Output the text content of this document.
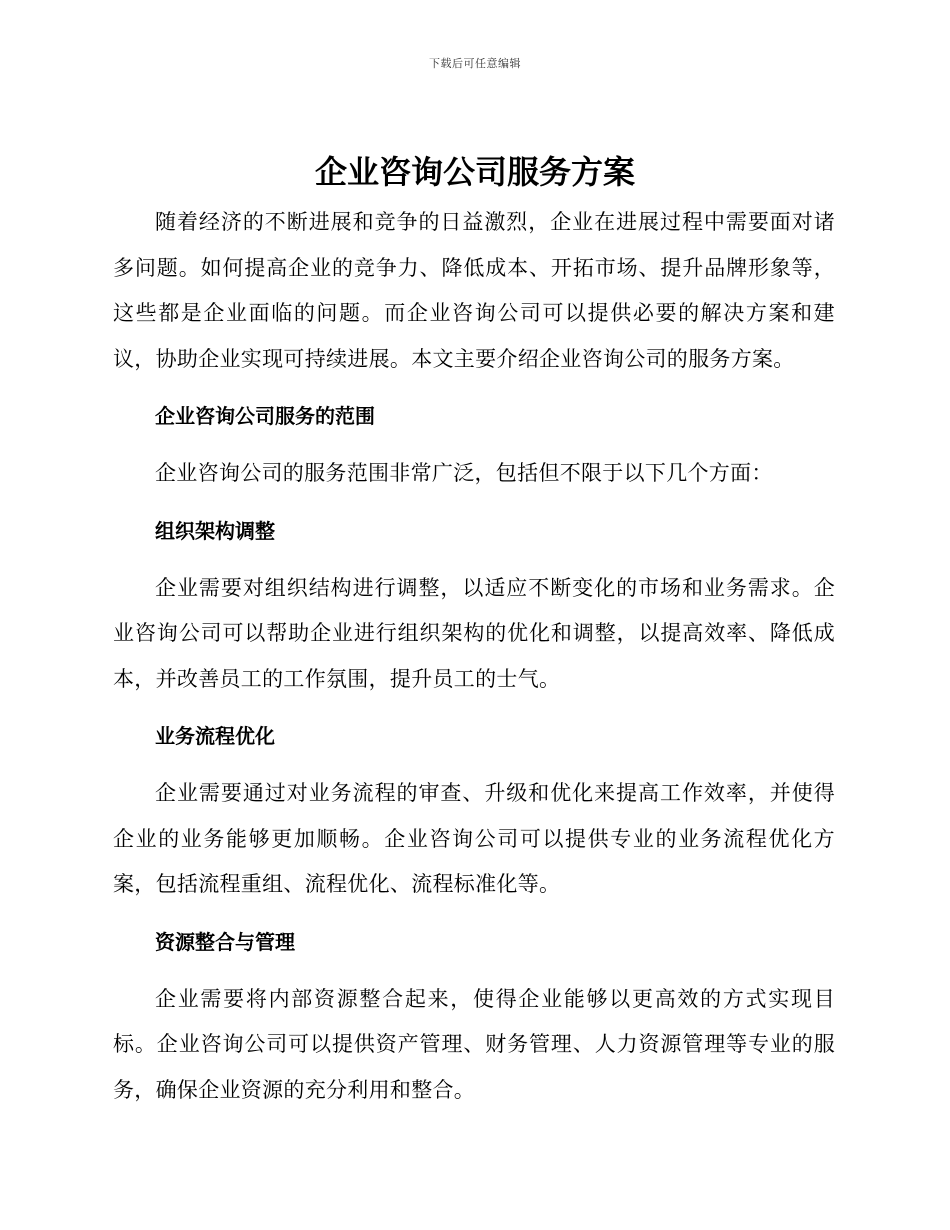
下载后可任意编辑
企业咨询公司服务方案

随着经济的不断进展和竞争的日益激烈，企业在进展过程中需要面对诸多问题。如何提高企业的竞争力、降低成本、开拓市场、提升品牌形象等，这些都是企业面临的问题。而企业咨询公司可以提供必要的解决方案和建议，协助企业实现可持续进展。本文主要介绍企业咨询公司的服务方案。

企业咨询公司服务的范围

企业咨询公司的服务范围非常广泛，包括但不限于以下几个方面：

组织架构调整

企业需要对组织结构进行调整，以适应不断变化的市场和业务需求。企业咨询公司可以帮助企业进行组织架构的优化和调整，以提高效率、降低成本，并改善员工的工作氛围，提升员工的士气。

业务流程优化

企业需要通过对业务流程的审查、升级和优化来提高工作效率，并使得企业的业务能够更加顺畅。企业咨询公司可以提供专业的业务流程优化方案，包括流程重组、流程优化、流程标准化等。

资源整合与管理

企业需要将内部资源整合起来，使得企业能够以更高效的方式实现目标。企业咨询公司可以提供资产管理、财务管理、人力资源管理等专业的服务，确保企业资源的充分利用和整合。
